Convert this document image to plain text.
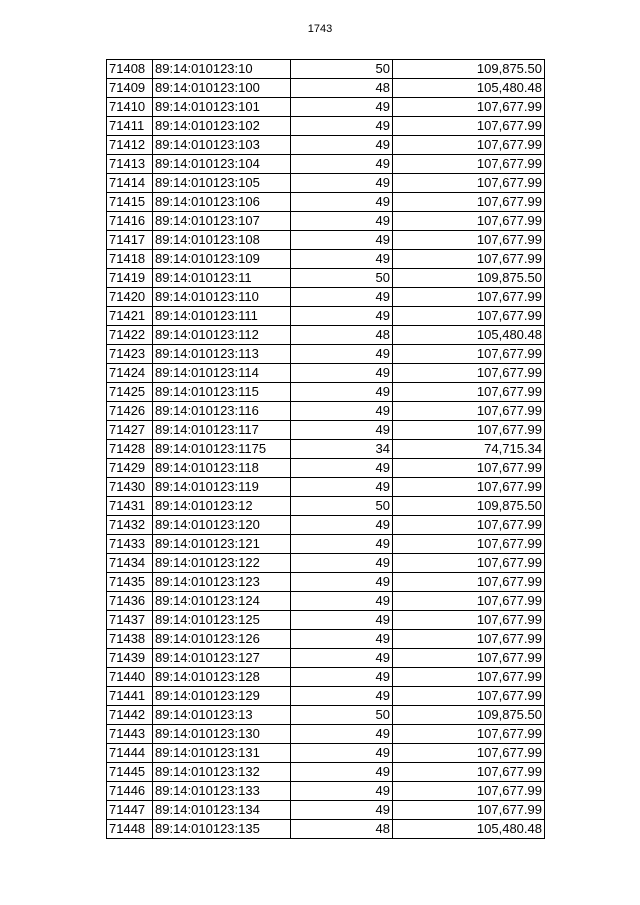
1743
71408	89:14:010123:10	50	109,875.50
71409	89:14:010123:100	48	105,480.48
71410	89:14:010123:101	49	107,677.99
71411	89:14:010123:102	49	107,677.99
71412	89:14:010123:103	49	107,677.99
71413	89:14:010123:104	49	107,677.99
71414	89:14:010123:105	49	107,677.99
71415	89:14:010123:106	49	107,677.99
71416	89:14:010123:107	49	107,677.99
71417	89:14:010123:108	49	107,677.99
71418	89:14:010123:109	49	107,677.99
71419	89:14:010123:11	50	109,875.50
71420	89:14:010123:110	49	107,677.99
71421	89:14:010123:111	49	107,677.99
71422	89:14:010123:112	48	105,480.48
71423	89:14:010123:113	49	107,677.99
71424	89:14:010123:114	49	107,677.99
71425	89:14:010123:115	49	107,677.99
71426	89:14:010123:116	49	107,677.99
71427	89:14:010123:117	49	107,677.99
71428	89:14:010123:1175	34	74,715.34
71429	89:14:010123:118	49	107,677.99
71430	89:14:010123:119	49	107,677.99
71431	89:14:010123:12	50	109,875.50
71432	89:14:010123:120	49	107,677.99
71433	89:14:010123:121	49	107,677.99
71434	89:14:010123:122	49	107,677.99
71435	89:14:010123:123	49	107,677.99
71436	89:14:010123:124	49	107,677.99
71437	89:14:010123:125	49	107,677.99
71438	89:14:010123:126	49	107,677.99
71439	89:14:010123:127	49	107,677.99
71440	89:14:010123:128	49	107,677.99
71441	89:14:010123:129	49	107,677.99
71442	89:14:010123:13	50	109,875.50
71443	89:14:010123:130	49	107,677.99
71444	89:14:010123:131	49	107,677.99
71445	89:14:010123:132	49	107,677.99
71446	89:14:010123:133	49	107,677.99
71447	89:14:010123:134	49	107,677.99
71448	89:14:010123:135	48	105,480.48
